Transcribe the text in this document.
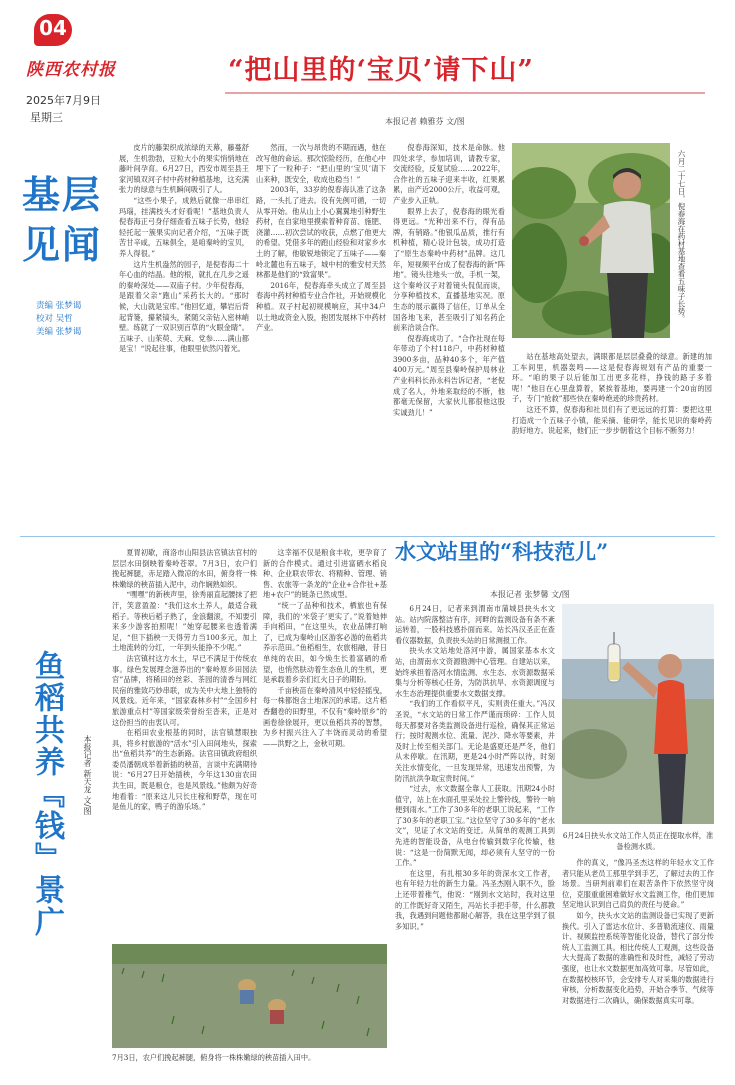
04
陕西农村报
2025年7月9日
星期三
“把山里的‘宝贝’请下山”
本报记者 赖雅芬 文/图
基层见闻
责编 张梦谒
校对 吴哲
美编 张梦谒

皮片的藤架织成浓绿的天幕，藤蔓舒展，生机勃勃，豆粒大小的果实悄悄地在藤叶间孕育。6月27日，西安市周至县王家河镇双河子村中药材种植基地，这充满张力的绿意与生机瞬间吸引了人。

“这些小果子，成熟后就像一串串红玛瑙，挂满枝头才好看呢！”基地负责人倪春海正弓身仔细查看五味子长势，他轻轻托起一簇果实向记者介绍，“五味子既苦甘辛咸，五味俱全，是咱秦岭的宝贝，养人得很。”

这片生机盎然的园子，是倪春海二十年心血的结晶。他的根，就扎在几步之遥的秦岭深处——双庙子村。少年倪春海，是跟着父亲“跑山”采药长大的。“那时候，大山就是宝库。”他回忆道，攀岩后背起背篓，攥紧镐头，紧随父亲钻入密林峭壁。练就了一双识别百草的“火眼金睛”。五味子、山茱萸、天麻、党参……满山都是宝！“说起往事，他眼里依然闪着光。

然而，一次与昂贵的不期而遇，他在改写他的命运。那次惊险经历，在他心中埋下了一粒种子：“把山里的‘宝贝’请下山来种，既安全，收成也稳当！”

2003年，33岁的倪春海认准了这条路，一头扎了进去。没有先例可循，一切从零开始。他从山上小心翼翼地引种野生药材，在自家地里摸索着种育苗、施肥、浇灌……初次尝试的收获，点燃了他更大的希望。凭借多年的跑山经验和对家乡水土的了解，他敏锐地锁定了五味子——秦岭北麓也有五味子，城中村的雅安村天然林都是他们的“致富果”。

2016年，倪春海牵头成立了周至县春海中药材种植专业合作社，开始规模化种植。双子村起初规模响应，其中34户以土地或资金入股，抱团发展林下中药材产业。

倪春海深知，技术是命脉。他四处求学，参加培训，请教专家，交流经验，反复试验……2022年，合作社的五味子迎来丰收，红果累累，亩产近2000公斤，收益可观，产业步入正轨。

眼界上去了，倪春海的眼光看得更远。“光种出来不行，得有品牌，有销路。”他银瓜品质，推行有机种植，精心设计包装，成功打造了“原生态秦岭中药材”品牌。这几年，短视频平台成了倪春海的新“阵地”。镜头往地头一放，手机一架，这个秦岭汉子对着镜头侃侃而谈，分享种植技术，直播基地实况。原生态的展示赢得了信任，订单从全国各地飞来，甚至吸引了知名药企前来洽谈合作。

倪春海成功了。“合作社现在每年带动了个村118户，中药材种植3900多亩，品种40多个，年产值400万元。”周至县秦岭保护局林业产业科科长孙永科告诉记者，“老倪成了名人，外地来取经的不断，他都毫无保留，大家伙儿都很他这股实诚劲儿！”

站在基地高处望去，满眼都是层层叠叠的绿意。新建的加工车间里，机器轰鸣——这是倪春海规划有产品的重要一环。“咱的果子以后能加工出更多花样，挣钱的路子多着呢！”他目在心里盘算着，紧挨着基地，要再建一个20亩的园子，专门“抢救”那些快在秦岭绝迹的珍贵药材。

这还不算，倪春海和社员们有了更远远的打算：要把这里打造成一个五味子小镇，能采摘、能研学，能长见识的秦岭药韵好地方。说起来，他们正一步步朝着这个目标不断努力！

六月二十七日，倪春海在药材基地查看五味子长势。
鱼稻共养『钱』景广 本报记者 新天龙 文/图

夏胃初歇，商洛市山阳县法官镇法官村的层层水田倒映着秦岭苍翠。7月3日，农户们挽起裤腿，赤足踏入微凉的水田，俯身将一株株嫩绿的秧苗插入泥中，动作娴熟如织。

“嘿嘿”的新秧声里，徐秀丽直起腰抹了把汗，笑意盈盈：“我们这水土养人，最适合栽稻子。等秧后稻子熟了，金浪翻滚，不知要引来多少游客拍照呢！”她穿起腰来也透着满足，“但下插秧一天得劳力当100多元，加上土地流转的分红，一年到头能挣不少呢。”

法官镇村这方水土，早已不满足于传统农事。绿色发展理念滋养出的“秦岭原乡田园法官”品牌，将稀田的丝彩、茶园的清香与网红民宿的雅致巧妙串联，成为关中大地上独特的风景线。近年来，“国家森林乡村”“全国乡村旅游重点村”等国家级荣誉纷至沓来，正是对这份担当的由衷认可。

在稻田农业根基的同时，法官镇慧眼独具，将乡村旅游的“活水”引入田间地头，探索出“鱼稻共养”的生态新路。法官田镇政府组织委员潘朝成举着新插的秧苗，言谈中充满期待说：“6月27日开始插秧，今年这130亩农田共生田，既是粮仓，也是风景线。”他颇为好奇地看着：“原来这儿只长庄稼和野草，现在可是鱼儿的家，鸭子的游乐场。”

这幸福不仅是粮食丰收，更孕育了新的合作模式。通过引进富硒水稻良种、企业联农带农、将精种、管理、销售、农旅等一条龙的“企业+合作社+基地+农户”的链条已然成型。

“统一了品种和技术，栖旅也有保障，我们的‘米袋子’更实了。”说着她伸手向稻田，“在这里头，农业品牌打响了，已成为秦岭山区游客必游的鱼稻共养示范田。”鱼稻相生，农旅相融，昔日单纯的农田，如今焕生长着富硒的希望，也悄然肤动着生态鱼儿的生机，更是承载着乡亲们红火日子的期盼。

千亩秧苗在秦岭清风中轻轻摇曳，每一株都饱含土地深沉的承诺。这片稻香翻卷的田野里，不仅有“秦岭原乡”的画卷徐徐展开，更以鱼稻共养的智慧，为乡村振兴注入了丰饶而灵动的希望——洪野之上，金秋可期。

7月3日，农户们挽起裤腿，俯身将一株株嫩绿的秧苗插入田中。
水文站里的“科技范儿”
本报记者 张梦馨 文/图

6月24日，记者来到渭南市蒲城县抉头水文站。站内院落整洁有序，河畔的监测设备有条不紊运转着，一股科技感扑面而来。站长冯汉圣正在查看仪器数据，负责抉头站的日常测报工作。

抉头水文站地处洛河中游，属国家基本水文站，由渭南水文资源勘测中心管理。自建站以来，始终承担着洛河水情监测、水生态、水资源数据采集与分析等核心任务，为防洪抗旱、水资源调度与水生态治理提供重要水文数据支撑。

“我们的工作看似平凡，实则责任重大。”冯汉圣说，“水文站的日常工作严谨而琐碎：工作人员每天都要对各类监测设备进行巡检，确保其正常运行；按时观测水位、流量、泥沙、降水等要素，并及时上传至相关部门。无论是盛夏还是严冬，他们从未停歇。在汛期，更是24小时严阵以待，时刻关注水情变化，一旦发现异常，迅速发出预警，为防汛抗洪争取宝贵时间。”

“过去，水文数据全靠人工获取。汛期24小时值守，站上在水面孔里采处拉上警铃线，警铃一响便到雨水。”工作了30多年的老职工说起来，“工作了30多年的老职工宝。”这位坚守了30多年的“老水文”，见证了水文站的变迁。从简单的观测工具到先进的智能设备，从电台传输到数字化传输，他说：“这是一份简默无闻，却必须有人坚守的一份工作。”

在这里，有扎根30多年的资深水文工作者，也有年轻力壮的新生力量。冯圣杰刚入职不久，脸上还带着稚气，他说：“刚到水文站时，我对这里的工作既好奇又陌生，冯站长手把手带，什么都教我，我遇到问题他都耐心解答，我在这里学到了很多知识。”

6月24日抉头水文站工作人员正在提取水样，准备检测水质。

作的真义，“像冯圣杰这样的年轻水文工作者只能从老员工那里学到手艺，了解过去的工作场景。当研判前辈们在艰苦条件下依然坚守岗位，克服重重困难做好水文监测工作，他们更加坚定地认识到自己肩负的责任与使命。”

如今，抉头水文站的监测设备已实现了更新换代。引入了雷达水位计、多普勒流速仪、雨量计、视频监控系统等智能化设备，替代了部分传统人工监测工具。相比传统人工观测，这些设备大大提高了数据的准确性和及时性，减轻了劳动强度，也让水文数据更加高效可靠。尽管如此，在数据校核环节，会安排专人对采集的数据进行审核，分析数据变化趋势，开始合季节、气候等对数据进行二次确认，确保数据真实可靠。
